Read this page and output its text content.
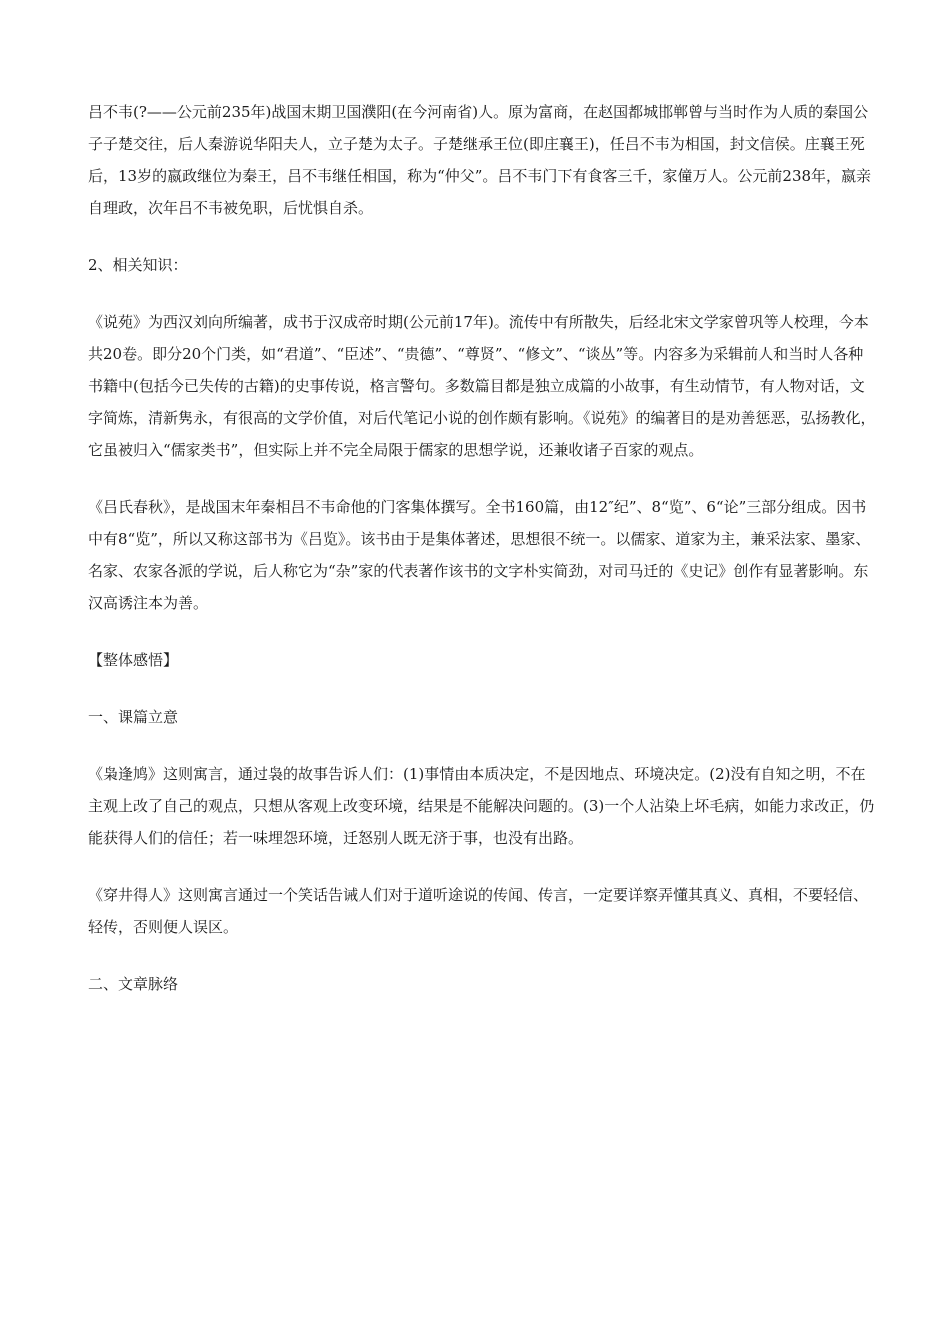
吕不韦(?——公元前235年)战国末期卫国濮阳(在今河南省)人。原为富商，在赵国都城邯郸曾与当时作为人质的秦国公子子楚交往，后人秦游说华阳夫人，立子楚为太子。子楚继承王位(即庄襄王)，任吕不韦为相国，封文信侯。庄襄王死后，13岁的嬴政继位为秦王，吕不韦继任相国，称为“仲父”。吕不韦门下有食客三千，家僮万人。公元前238年，嬴亲自理政，次年吕不韦被免职，后忧惧自杀。

2、相关知识：

《说苑》为西汉刘向所编著，成书于汉成帝时期(公元前17年)。流传中有所散失，后经北宋文学家曾巩等人校理，今本共20卷。即分20个门类，如“君道”、“臣述”、“贵德”、“尊贤”、“修文”、“谈丛”等。内容多为采辑前人和当时人各种书籍中(包括今已失传的古籍)的史事传说，格言警句。多数篇目都是独立成篇的小故事，有生动情节，有人物对话，文字简炼，清新隽永，有很高的文学价值，对后代笔记小说的创作颇有影响。《说苑》的编著目的是劝善惩恶，弘扬教化，它虽被归入“儒家类书”，但实际上并不完全局限于儒家的思想学说，还兼收诸子百家的观点。

《吕氏春秋》，是战国末年秦相吕不韦命他的门客集体撰写。全书160篇，由12″纪”、8“览”、6“论”三部分组成。因书中有8“览”，所以又称这部书为《吕览》。该书由于是集体著述，思想很不统一。以儒家、道家为主，兼采法家、墨家、名家、农家各派的学说，后人称它为“杂”家的代表著作该书的文字朴实简劲，对司马迁的《史记》创作有显著影响。东汉高诱注本为善。

【整体感悟】

一、课篇立意

《枭逢鸠》这则寓言，通过袅的故事告诉人们：(1)事情由本质决定，不是因地点、环境决定。(2)没有自知之明，不在主观上改了自己的观点，只想从客观上改变环境，结果是不能解决问题的。(3)一个人沾染上坏毛病，如能力求改正，仍能获得人们的信任；若一味埋怨环境，迁怒别人既无济于事，也没有出路。

《穿井得人》这则寓言通过一个笑话告诫人们对于道听途说的传闻、传言，一定要详察弄懂其真义、真相，不要轻信、轻传，否则便人误区。

二、文章脉络
